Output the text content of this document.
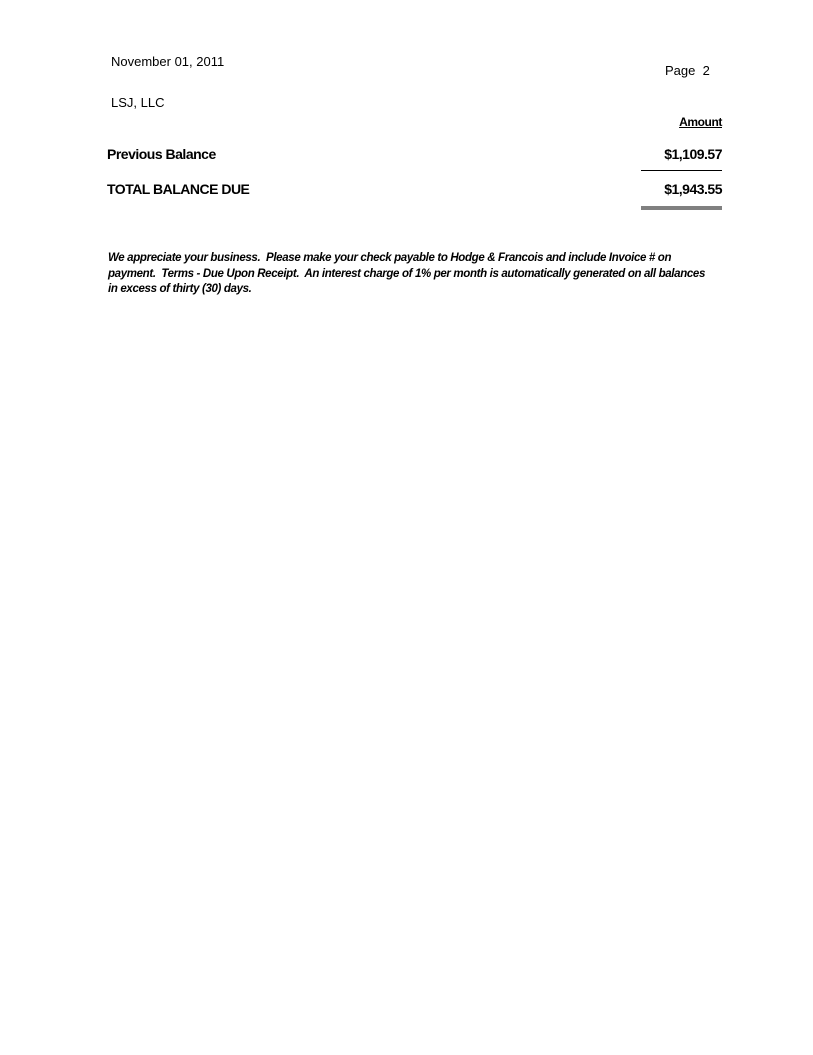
November 01, 2011
Page  2
LSJ, LLC
Amount
Previous Balance	$1,109.57
TOTAL BALANCE DUE	$1,943.55
We appreciate your business.  Please make your check payable to Hodge & Francois and include Invoice # on
payment.  Terms - Due Upon Receipt.  An interest charge of 1% per month is automatically generated on all balances
in excess of thirty (30) days.
